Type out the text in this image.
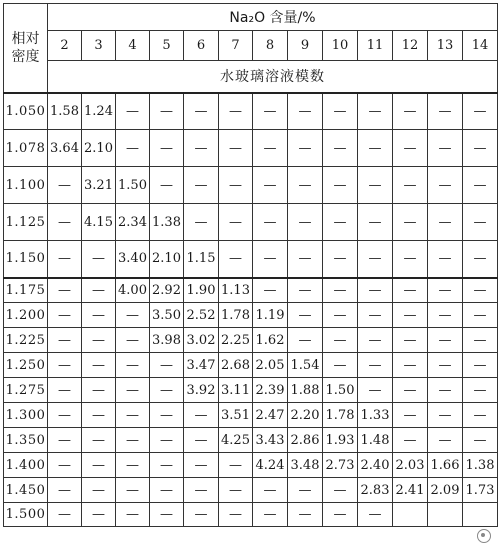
相对
密度	Na₂O 含量/%												
	2	3	4	5	6	7	8	9	10	11	12	13	14
	水玻璃溶液模数												
1.050	1.58	1.24	—	—	—	—	—	—	—	—	—	—	—
1.078	3.64	2.10	—	—	—	—	—	—	—	—	—	—	—
1.100	—	3.21	1.50	—	—	—	—	—	—	—	—	—	—
1.125	—	4.15	2.34	1.38	—	—	—	—	—	—	—	—	—
1.150	—	—	3.40	2.10	1.15	—	—	—	—	—	—	—	—
1.175	—	—	4.00	2.92	1.90	1.13	—	—	—	—	—	—	—
1.200	—	—	—	3.50	2.52	1.78	1.19	—	—	—	—	—	—
1.225	—	—	—	3.98	3.02	2.25	1.62	—	—	—	—	—	—
1.250	—	—	—	—	3.47	2.68	2.05	1.54	—	—	—	—	—
1.275	—	—	—	—	3.92	3.11	2.39	1.88	1.50	—	—	—	—
1.300	—	—	—	—	—	3.51	2.47	2.20	1.78	1.33	—	—	—
1.350	—	—	—	—	—	4.25	3.43	2.86	1.93	1.48	—	—	—
1.400	—	—	—	—	—	—	4.24	3.48	2.73	2.40	2.03	1.66	1.38
1.450	—	—	—	—	—	—	—	—	—	2.83	2.41	2.09	1.73
1.500	—	—	—	—	—	—	—	—	—	—			
